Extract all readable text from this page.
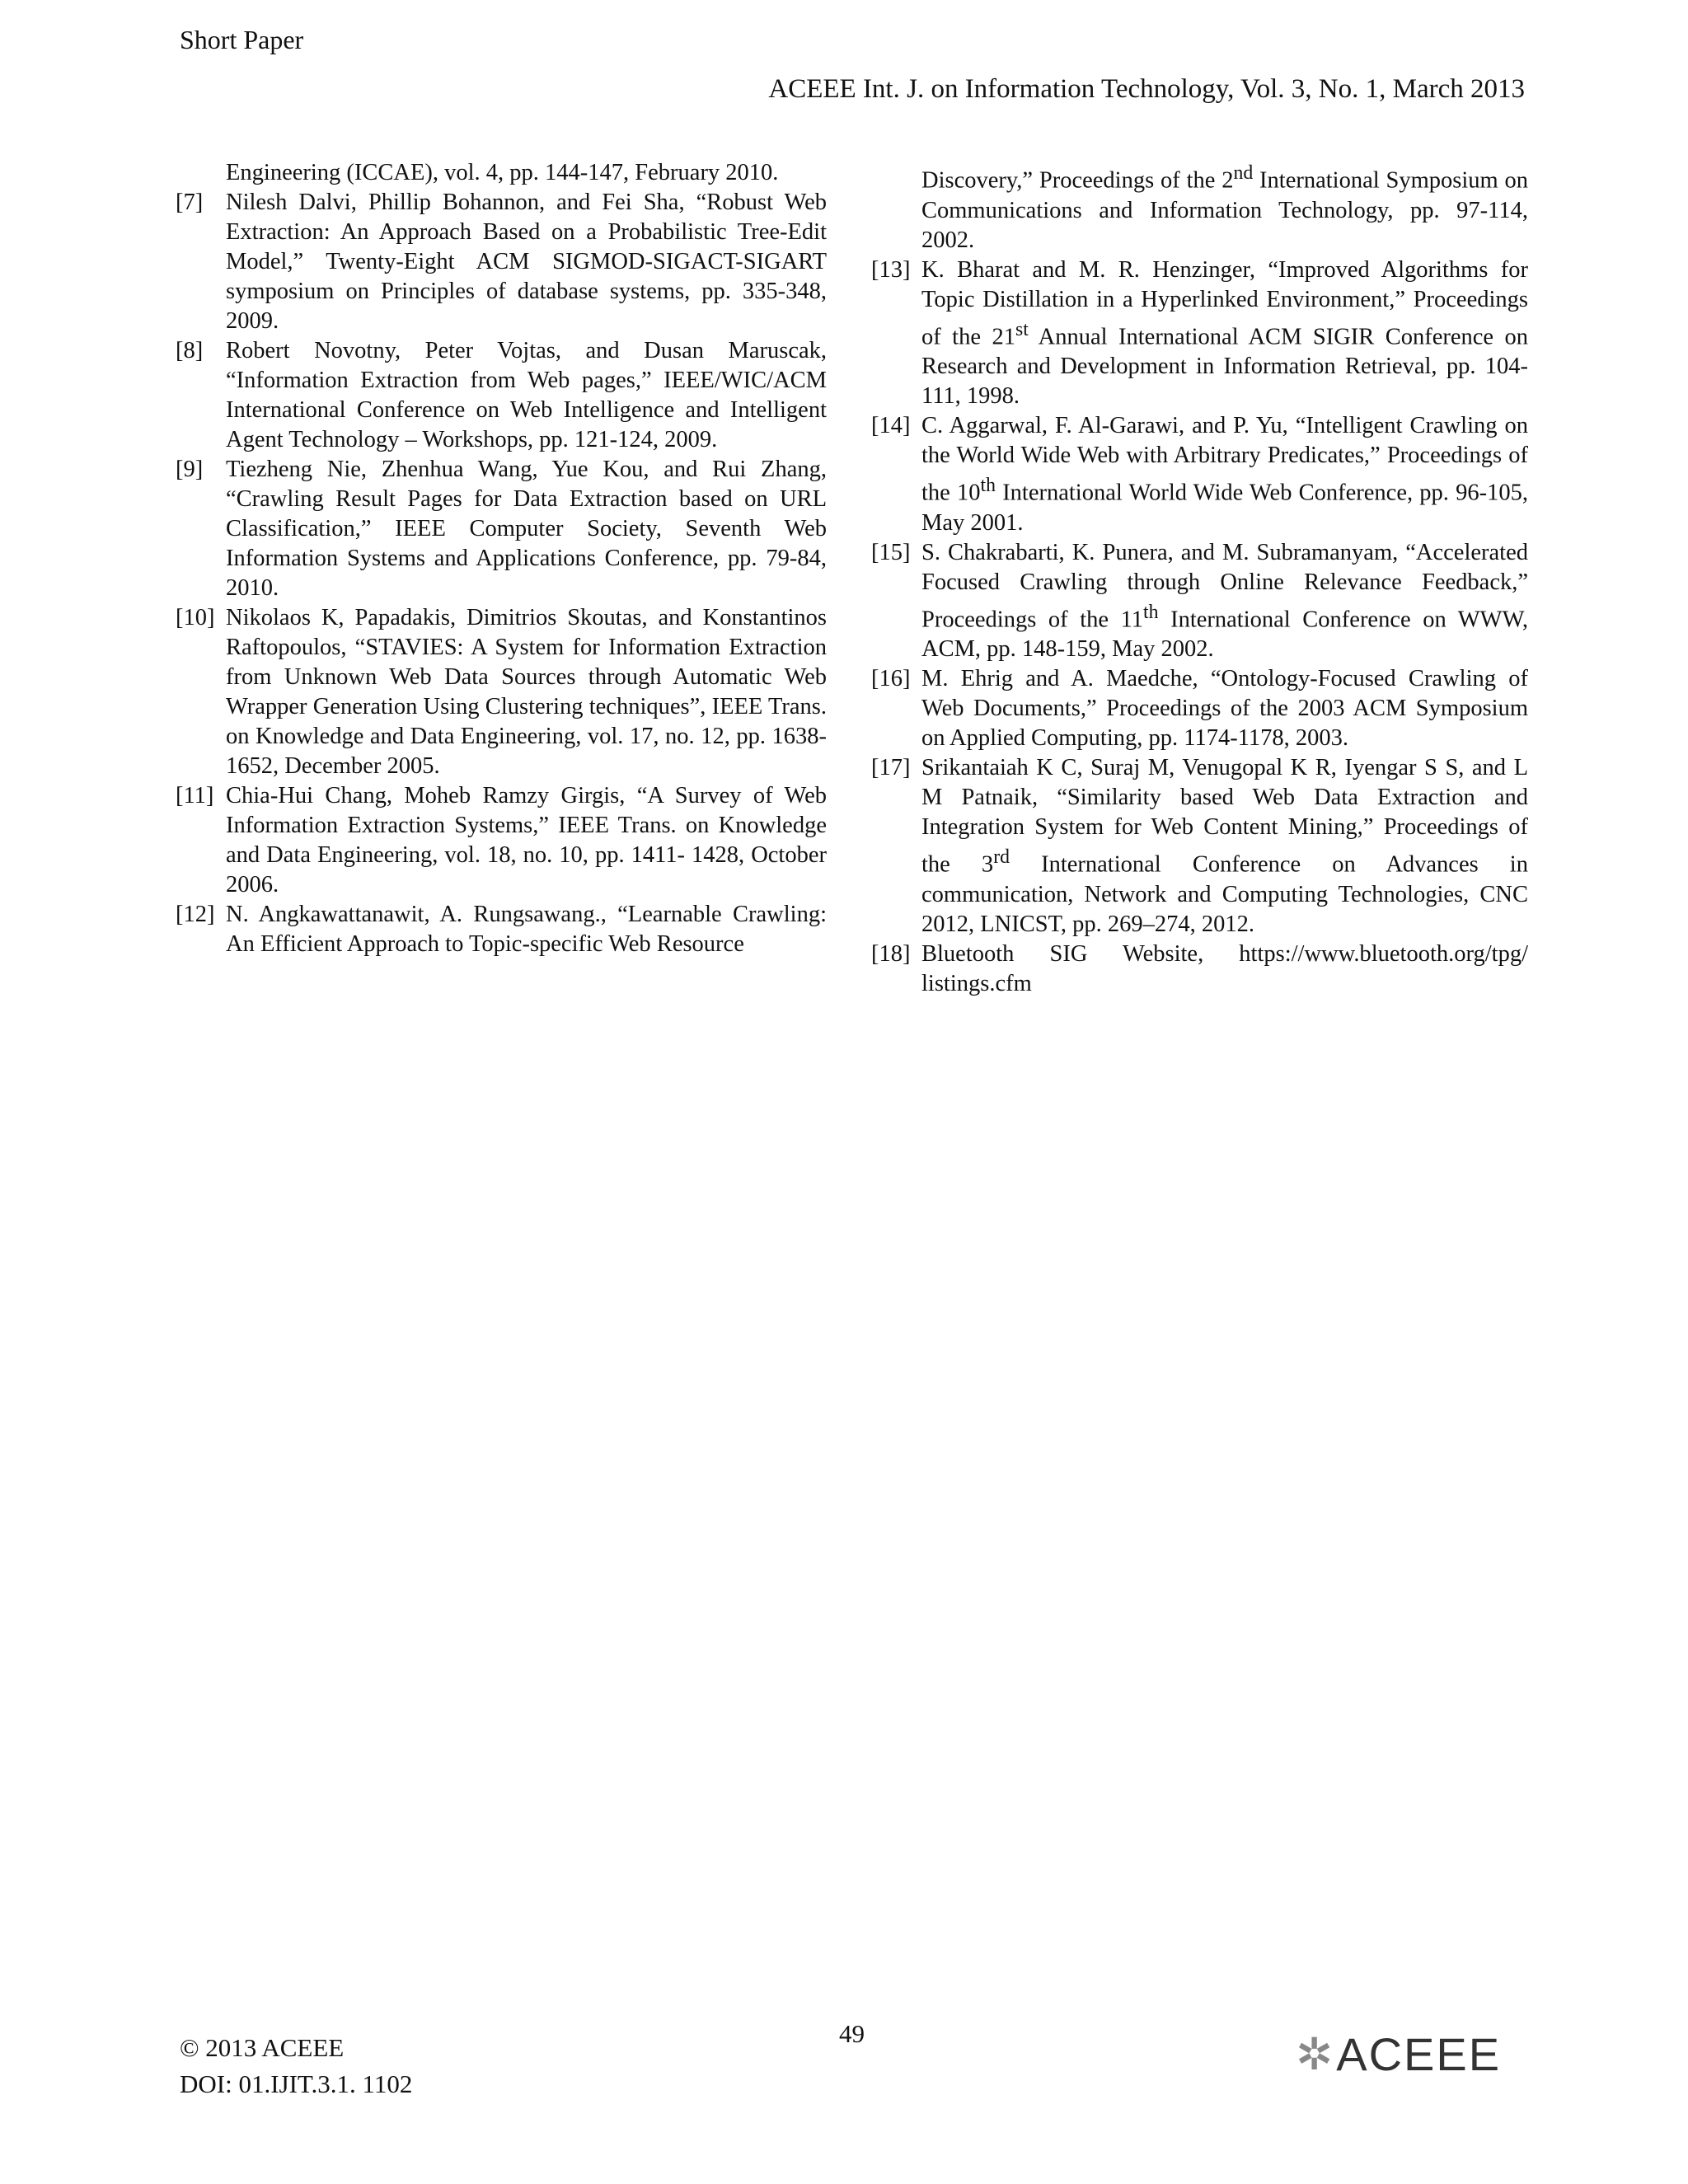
Short Paper
ACEEE Int. J. on Information Technology, Vol. 3, No. 1, March 2013
Engineering (ICCAE), vol. 4, pp. 144-147, February 2010.
[7] Nilesh Dalvi, Phillip Bohannon, and Fei Sha, “Robust Web Extraction: An Approach Based on a Probabilistic Tree-Edit Model,” Twenty-Eight ACM SIGMOD-SIGACT-SIGART symposium on Principles of database systems, pp. 335-348, 2009.
[8] Robert Novotny, Peter Vojtas, and Dusan Maruscak, “Information Extraction from Web pages,” IEEE/WIC/ACM International Conference on Web Intelligence and Intelligent Agent Technology – Workshops, pp. 121-124, 2009.
[9] Tiezheng Nie, Zhenhua Wang, Yue Kou, and Rui Zhang, “Crawling Result Pages for Data Extraction based on URL Classification,” IEEE Computer Society, Seventh Web Information Systems and Applications Conference, pp. 79-84, 2010.
[10] Nikolaos K, Papadakis, Dimitrios Skoutas, and Konstantinos Raftopoulos, “STAVIES: A System for Information Extraction from Unknown Web Data Sources through Automatic Web Wrapper Generation Using Clustering techniques”, IEEE Trans. on Knowledge and Data Engineering, vol. 17, no. 12, pp. 1638-1652, December 2005.
[11] Chia-Hui Chang, Moheb Ramzy Girgis, “A Survey of Web Information Extraction Systems,” IEEE Trans. on Knowledge and Data Engineering, vol. 18, no. 10, pp. 1411- 1428, October 2006.
[12] N. Angkawattanawit, A. Rungsawang., “Learnable Crawling: An Efficient Approach to Topic-specific Web Resource
Discovery,” Proceedings of the 2nd International Symposium on Communications and Information Technology, pp. 97-114, 2002.
[13] K. Bharat and M. R. Henzinger, “Improved Algorithms for Topic Distillation in a Hyperlinked Environment,” Proceedings of the 21st Annual International ACM SIGIR Conference on Research and Development in Information Retrieval, pp. 104-111, 1998.
[14] C. Aggarwal, F. Al-Garawi, and P. Yu, “Intelligent Crawling on the World Wide Web with Arbitrary Predicates,” Proceedings of the 10th International World Wide Web Conference, pp. 96-105, May 2001.
[15] S. Chakrabarti, K. Punera, and M. Subramanyam, “Accelerated Focused Crawling through Online Relevance Feedback,” Proceedings of the 11th International Conference on WWW, ACM, pp. 148-159, May 2002.
[16] M. Ehrig and A. Maedche, “Ontology-Focused Crawling of Web Documents,” Proceedings of the 2003 ACM Symposium on Applied Computing, pp. 1174-1178, 2003.
[17] Srikantaiah K C, Suraj M, Venugopal K R, Iyengar S S, and L M Patnaik, “Similarity based Web Data Extraction and Integration System for Web Content Mining,” Proceedings of the 3rd International Conference on Advances in communication, Network and Computing Technologies, CNC 2012, LNICST, pp. 269–274, 2012.
[18] Bluetooth SIG Website, https://www.bluetooth.org/tpg/ listings.cfm
© 2013 ACEEE
DOI: 01.IJIT.3.1. 1102
49	✲ ACEEE
